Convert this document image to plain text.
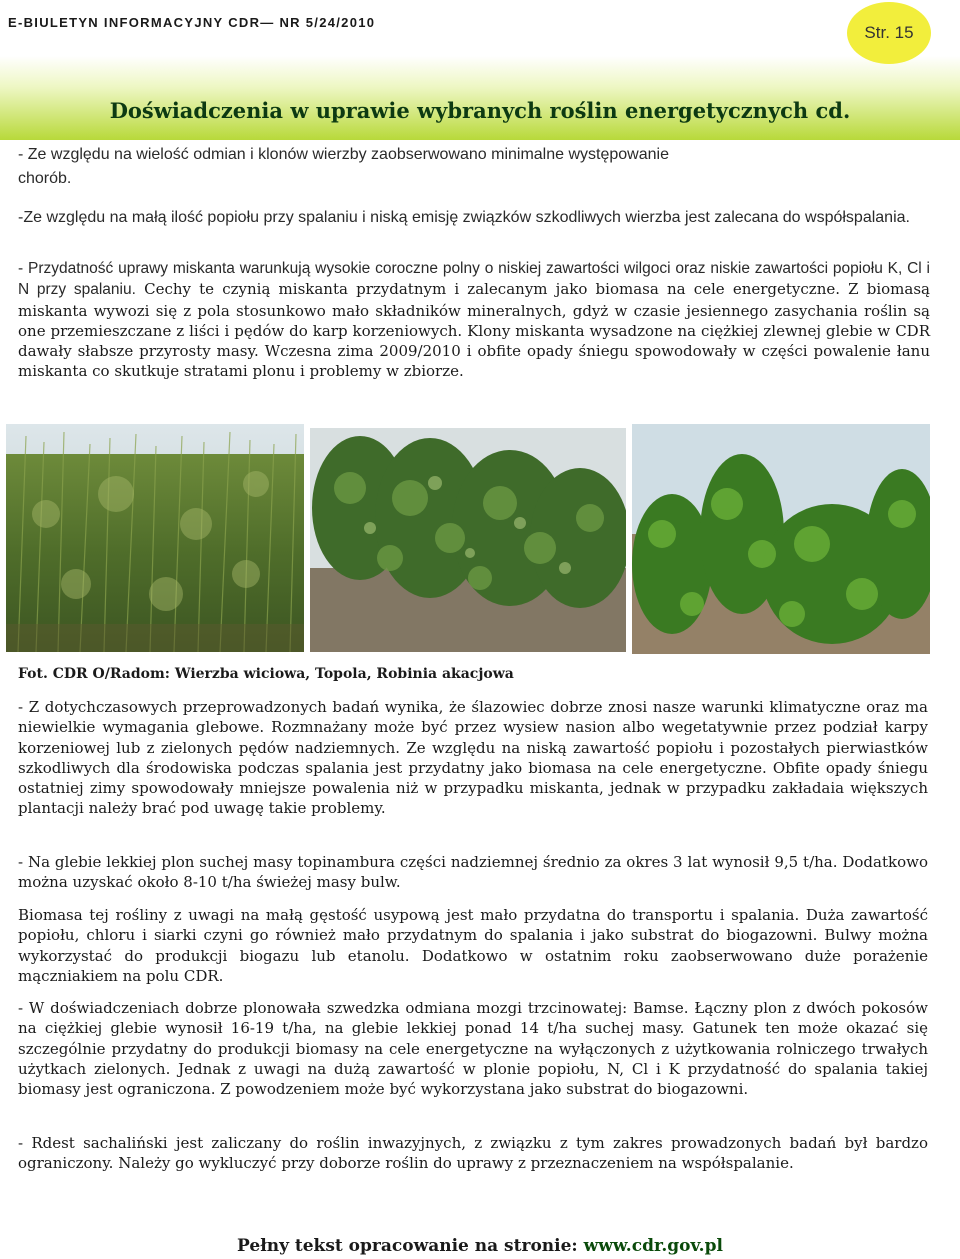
E-BIULETYN INFORMACYJNY CDR— NR 5/24/2010
Str. 15
Doświadczenia w uprawie wybranych roślin energetycznych cd.

- Ze względu na wielość odmian i klonów wierzby zaobserwowano minimalne występowanie chorób.

-Ze względu na małą ilość popiołu przy spalaniu i niską emisję związków szkodliwych wierzba jest zalecana do współspalania.

- Przydatność uprawy miskanta warunkują wysokie coroczne polny o niskiej zawartości wilgoci oraz niskie zawartości popiołu K, Cl i N przy spalaniu. Cechy te czynią miskanta przydatnym i zalecanym jako biomasa na cele energetyczne. Z biomasą miskanta wywozi się z pola stosunkowo mało składników mineralnych, gdyż w czasie jesiennego zasychania roślin są one przemieszczane z liści i pędów do karp korzeniowych. Klony miskanta wysadzone na ciężkiej zlewnej glebie w CDR dawały słabsze przyrosty masy. Wczesna zima 2009/2010 i obfite opady śniegu spowodowały w części powalenie łanu miskanta co skutkuje stratami plonu i problemy w zbiorze.

Fot. CDR O/Radom: Wierzba wiciowa, Topola, Robinia akacjowa

- Z dotychczasowych przeprowadzonych badań wynika, że ślazowiec dobrze znosi nasze warunki klimatyczne oraz ma niewielkie wymagania glebowe. Rozmnażany może być przez wysiew nasion albo wegetatywnie przez podział karpy korzeniowej lub z zielonych pędów nadziemnych. Ze względu na niską zawartość popiołu i pozostałych pierwiastków szkodliwych dla środowiska podczas spalania jest przydatny jako biomasa na cele energetyczne. Obfite opady śniegu ostatniej zimy spowodowały mniejsze powalenia niż w przypadku miskanta, jednak w przypadku zakładaia większych plantacji należy brać pod uwagę takie problemy.

- Na glebie lekkiej plon suchej masy topinambura części nadziemnej średnio za okres 3 lat wynosił 9,5 t/ha. Dodatkowo można uzyskać około 8-10 t/ha świeżej masy bulw.

Biomasa tej rośliny z uwagi na małą gęstość usypową jest mało przydatna do transportu i spalania. Duża zawartość popiołu, chloru i siarki czyni go również mało przydatnym do spalania i jako substrat do biogazowni. Bulwy można wykorzystać do produkcji biogazu lub etanolu. Dodatkowo w ostatnim roku zaobserwowano duże porażenie mączniakiem na polu CDR.

- W doświadczeniach dobrze plonowała szwedzka odmiana mozgi trzcinowatej: Bamse. Łączny plon z dwóch pokosów na ciężkiej glebie wynosił 16-19 t/ha, na glebie lekkiej ponad 14 t/ha suchej masy. Gatunek ten może okazać się szczególnie przydatny do produkcji biomasy na cele energetyczne na wyłączonych z użytkowania rolniczego trwałych użytkach zielonych. Jednak z uwagi na dużą zawartość w plonie popiołu, N, Cl i K przydatność do spalania takiej biomasy jest ograniczona. Z powodzeniem może być wykorzystana jako substrat do biogazowni.

- Rdest sachaliński jest zaliczany do roślin inwazyjnych, z związku z tym zakres prowadzonych badań był bardzo ograniczony. Należy go wykluczyć przy doborze roślin do uprawy z przeznaczeniem na współspalanie.

Pełny tekst opracowanie na stronie: www.cdr.gov.pl
